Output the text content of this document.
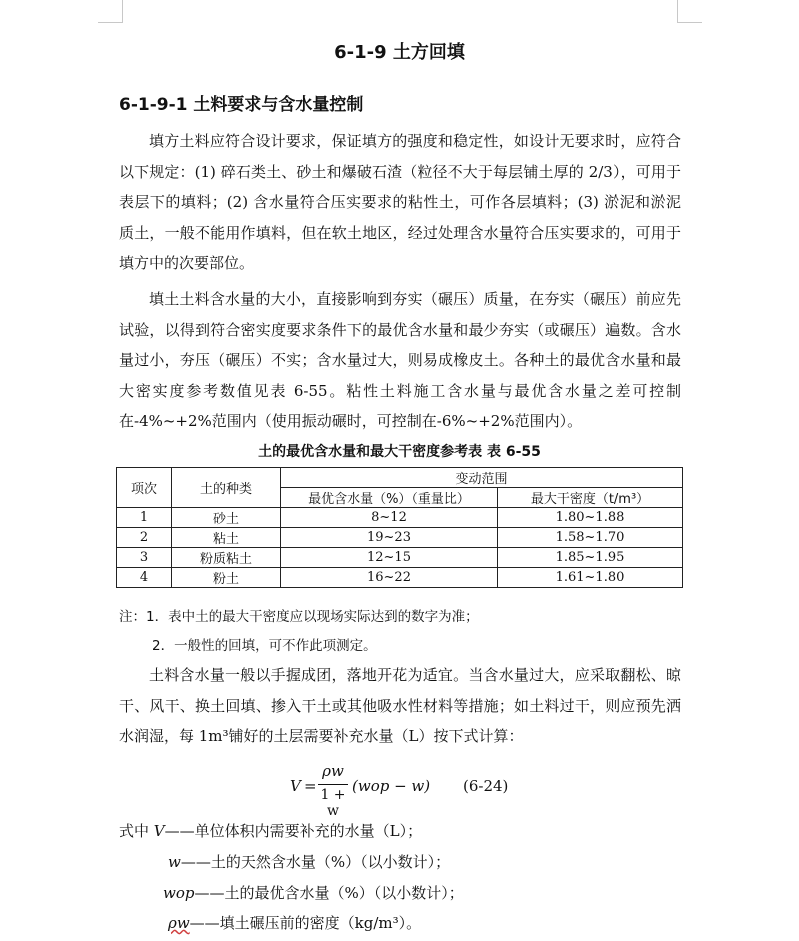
6-1-9 土方回填
6-1-9-1 土料要求与含水量控制
填方土料应符合设计要求，保证填方的强度和稳定性，如设计无要求时，应符合以下规定：(1) 碎石类土、砂土和爆破石渣（粒径不大于每层铺土厚的 2/3），可用于表层下的填料；(2) 含水量符合压实要求的粘性土，可作各层填料；(3) 淤泥和淤泥质土，一般不能用作填料，但在软土地区，经过处理含水量符合压实要求的，可用于填方中的次要部位。
填土土料含水量的大小，直接影响到夯实（碾压）质量，在夯实（碾压）前应先试验，以得到符合密实度要求条件下的最优含水量和最少夯实（或碾压）遍数。含水量过小，夯压（碾压）不实；含水量过大，则易成橡皮土。各种土的最优含水量和最大密实度参考数值见表 6-55。粘性土料施工含水量与最优含水量之差可控制在-4%~+2%范围内（使用振动碾时，可控制在-6%~+2%范围内）。
土的最优含水量和最大干密度参考表 表 6-55
项次	土的种类	变动范围	
		最优含水量（%）（重量比）	最大干密度（t/m³）
1	砂土	8~12	1.80~1.88
2	粘土	19~23	1.58~1.70
3	粉质粘土	12~15	1.85~1.95
4	粉土	16~22	1.61~1.80
注：1．表中土的最大干密度应以现场实际达到的数字为准；
2．一般性的回填，可不作此项测定。
土料含水量一般以手握成团，落地开花为适宜。当含水量过大，应采取翻松、晾干、风干、换土回填、掺入干土或其他吸水性材料等措施；如土料过干，则应预先洒水润湿，每 1m³铺好的土层需要补充水量（L）按下式计算：
V =
ρw
1 + w
(wop − w) (6-24)
式中 V——单位体积内需要补充的水量（L）；
w——土的天然含水量（%）（以小数计）；
wop——土的最优含水量（%）（以小数计）；
ρw——填土碾压前的密度（kg/m³）。
